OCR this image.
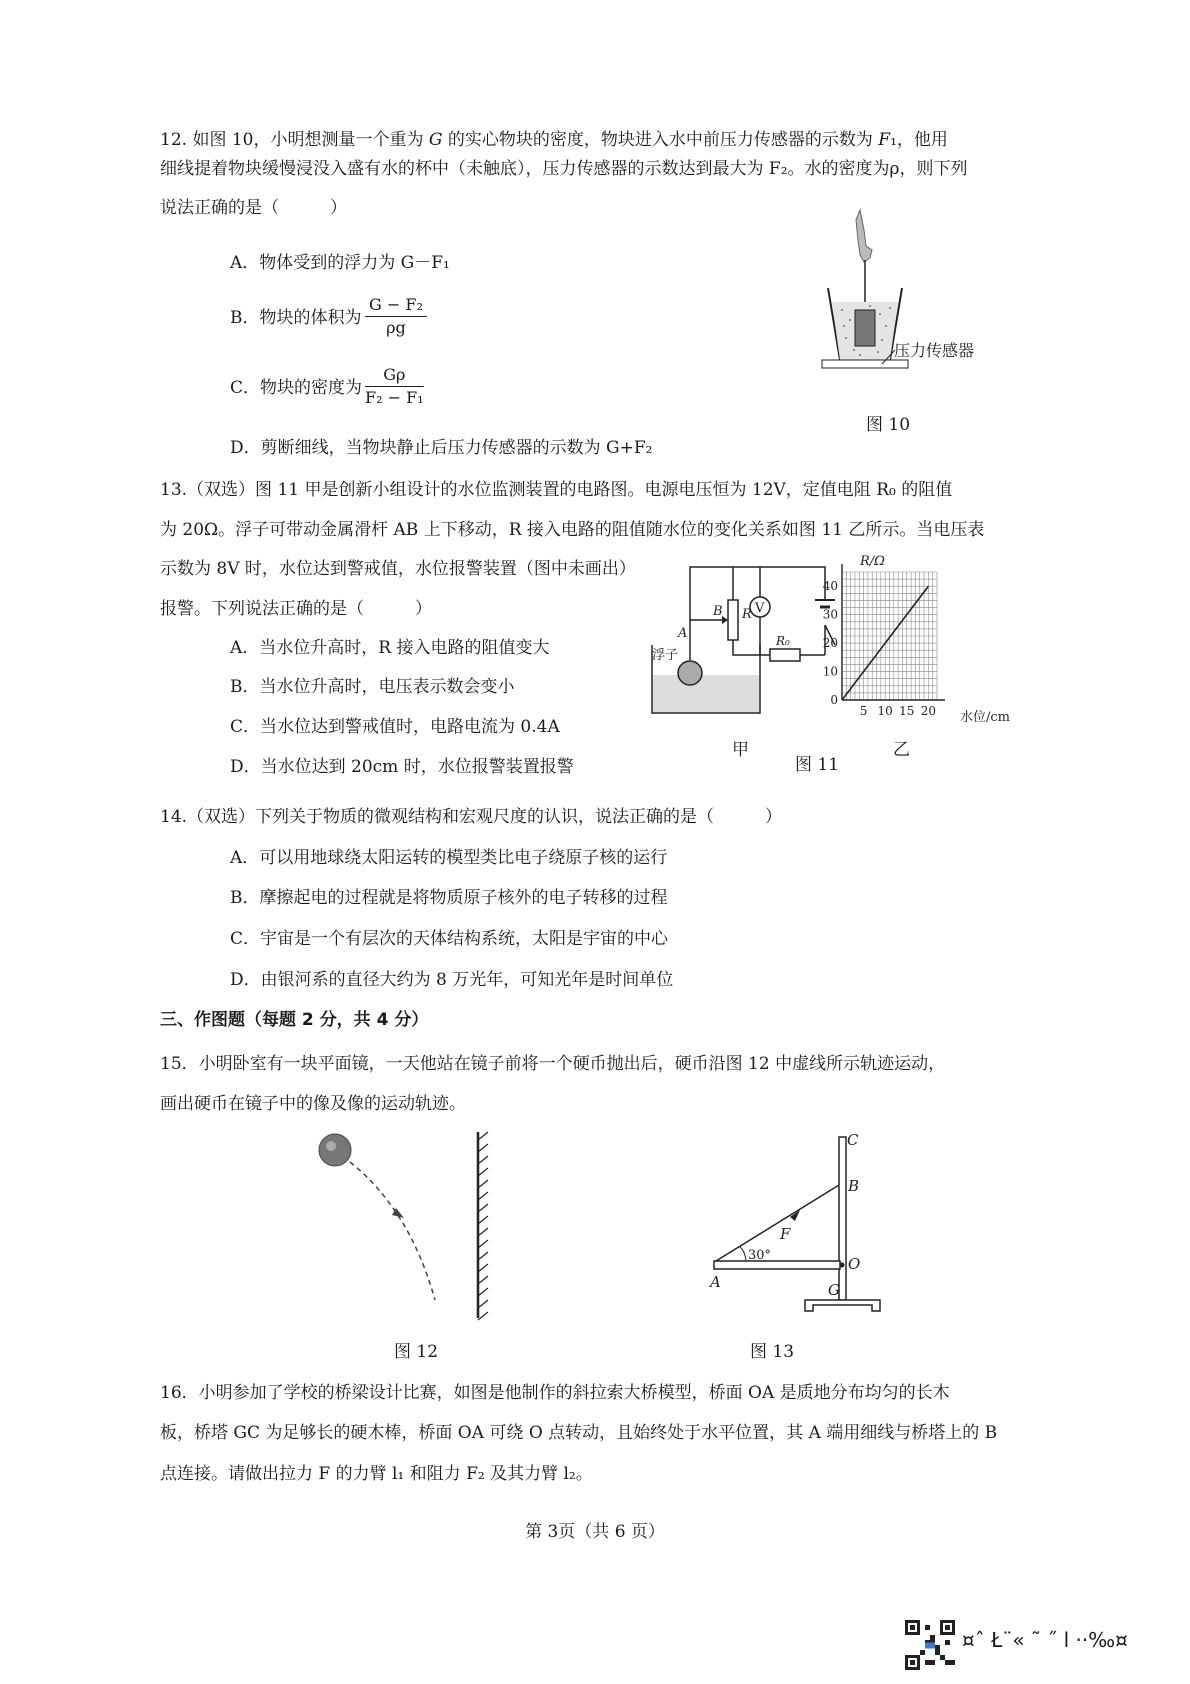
12. 如图 10，小明想测量一个重为 G 的实心物块的密度，物块进入水中前压力传感器的示数为 F₁，他用
细线提着物块缓慢浸没入盛有水的杯中（未触底），压力传感器的示数达到最大为 F₂。水的密度为ρ，则下列
说法正确的是（　　　）
A．物体受到的浮力为 G－F₁
B．物块的体积为 $\frac{\text{G − F₂}}{\rho g}$
C．物块的密度为 $\frac{G\rho}{\text{F₂ − F₁}}$
D．剪断细线，当物块静止后压力传感器的示数为 G+F₂
压力传感器
图 10
13.（双选）图 11 甲是创新小组设计的水位监测装置的电路图。电源电压恒为 12V，定值电阻 R₀ 的阻值
为 20Ω。浮子可带动金属滑杆 AB 上下移动，R 接入电路的阻值随水位的变化关系如图 11 乙所示。当电压表
示数为 8V 时，水位达到警戒值，水位报警装置（图中未画出）
报警。下列说法正确的是（　　　）
A．当水位升高时，R 接入电路的阻值变大
B．当水位升高时，电压表示数会变小
C．当水位达到警戒值时，电路电流为 0.4A
D．当水位达到 20cm 时，水位报警装置报警
V
R
B
A	R₀
浮子
甲
R/Ω
水位/cm
0
10
20
30
40
5 10 15 20
乙
图 11
14.（双选）下列关于物质的微观结构和宏观尺度的认识，说法正确的是（　　　）
A．可以用地球绕太阳运转的模型类比电子绕原子核的运行
B．摩擦起电的过程就是将物质原子核外的电子转移的过程
C．宇宙是一个有层次的天体结构系统，太阳是宇宙的中心
D．由银河系的直径大约为 8 万光年，可知光年是时间单位
三、作图题（每题 2 分，共 4 分）
15．小明卧室有一块平面镜，一天他站在镜子前将一个硬币抛出后，硬币沿图 12 中虚线所示轨迹运动，
画出硬币在镜子中的像及像的运动轨迹。
图 12
C
B
F
30°	O
A	G
图 13
16．小明参加了学校的桥梁设计比赛，如图是他制作的斜拉索大桥模型，桥面 OA 是质地分布均匀的长木
板，桥塔 GC 为足够长的硬木棒，桥面 OA 可绕 O 点转动，且始终处于水平位置，其 A 端用细线与桥塔上的 B
点连接。请做出拉力 F 的力臂 l₁ 和阻力 F₂ 及其力臂 l₂。
第 3页（共 6 页）
¤ˆ Ł¨« ˜ ˝ l ··‰¤
